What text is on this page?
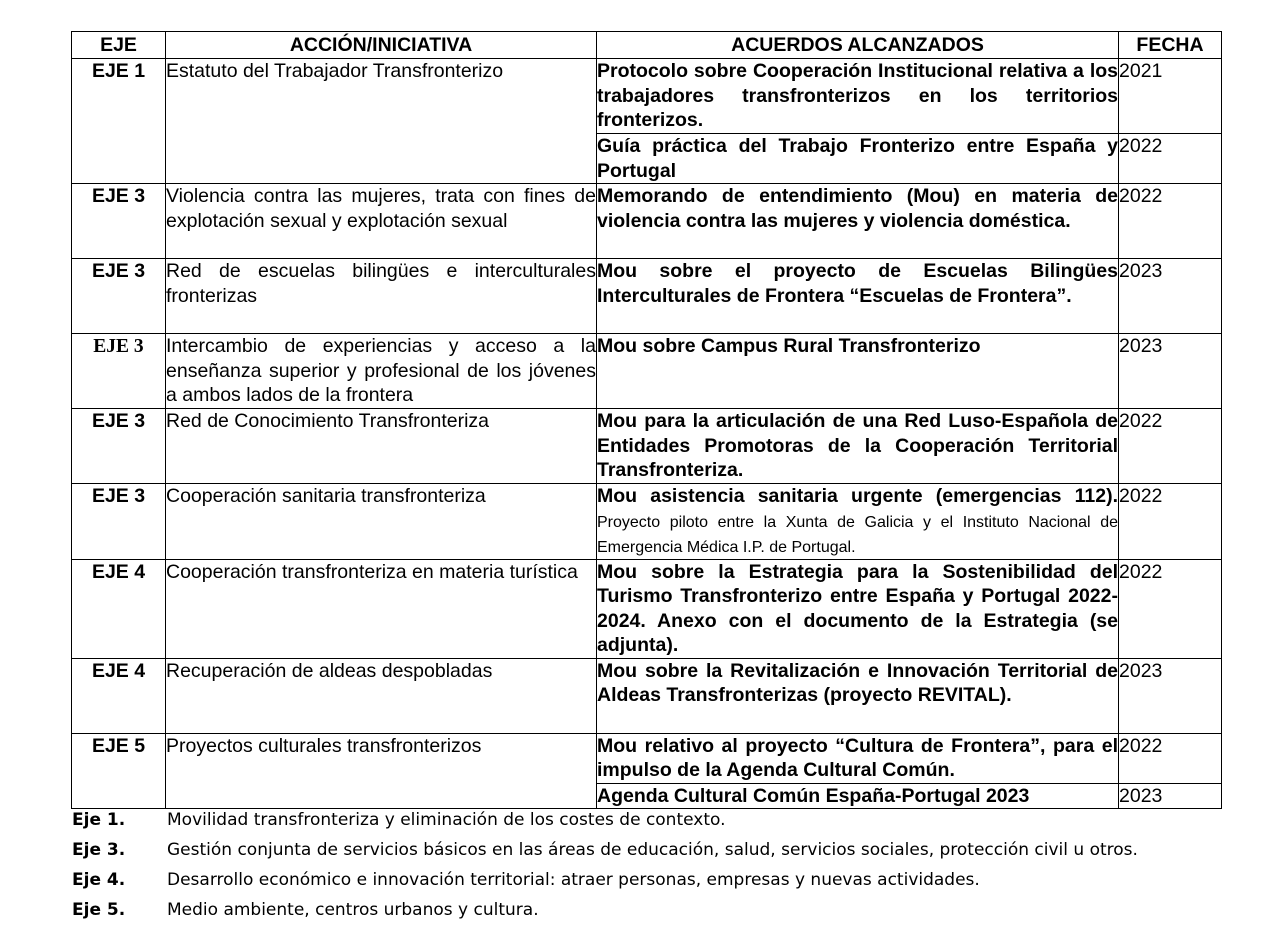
EJE	ACCIÓN/INICIATIVA	ACUERDOS ALCANZADOS	FECHA
EJE 1	Estatuto del Trabajador Transfronterizo	Protocolo sobre Cooperación Institucional relativa a los trabajadores transfronterizos en los territorios fronterizos.	2021
		Guía práctica del Trabajo Fronterizo entre España y Portugal	2022
EJE 3	Violencia contra las mujeres, trata con fines de explotación sexual y explotación sexual	Memorando de entendimiento (Mou) en materia de violencia contra las mujeres y violencia doméstica.	2022
EJE 3	Red de escuelas bilingües e interculturales fronterizas	Mou sobre el proyecto de Escuelas Bilingües Interculturales de Frontera “Escuelas de Frontera”.	2023
EJE 3	Intercambio de experiencias y acceso a la enseñanza superior y profesional de los jóvenes a ambos lados de la frontera	Mou sobre Campus Rural Transfronterizo	2023
EJE 3	Red de Conocimiento Transfronteriza	Mou para la articulación de una Red Luso-Española de Entidades Promotoras de la Cooperación Territorial Transfronteriza.	2022
EJE 3	Cooperación sanitaria transfronteriza	Mou asistencia sanitaria urgente (emergencias 112). Proyecto piloto entre la Xunta de Galicia y el Instituto Nacional de Emergencia Médica I.P. de Portugal.	2022
EJE 4	Cooperación transfronteriza en materia turística	Mou sobre la Estrategia para la Sostenibilidad del Turismo Transfronterizo entre España y Portugal 2022-2024. Anexo con el documento de la Estrategia (se adjunta).	2022
EJE 4	Recuperación de aldeas despobladas	Mou sobre la Revitalización e Innovación Territorial de Aldeas Transfronterizas (proyecto REVITAL).	2023
EJE 5	Proyectos culturales transfronterizos	Mou relativo al proyecto “Cultura de Frontera”, para el impulso de la Agenda Cultural Común.	2022
		Agenda Cultural Común España-Portugal 2023	2023
Eje 1. Movilidad transfronteriza y eliminación de los costes de contexto.
Eje 3. Gestión conjunta de servicios básicos en las áreas de educación, salud, servicios sociales, protección civil u otros.
Eje 4. Desarrollo económico e innovación territorial: atraer personas, empresas y nuevas actividades.
Eje 5. Medio ambiente, centros urbanos y cultura.
